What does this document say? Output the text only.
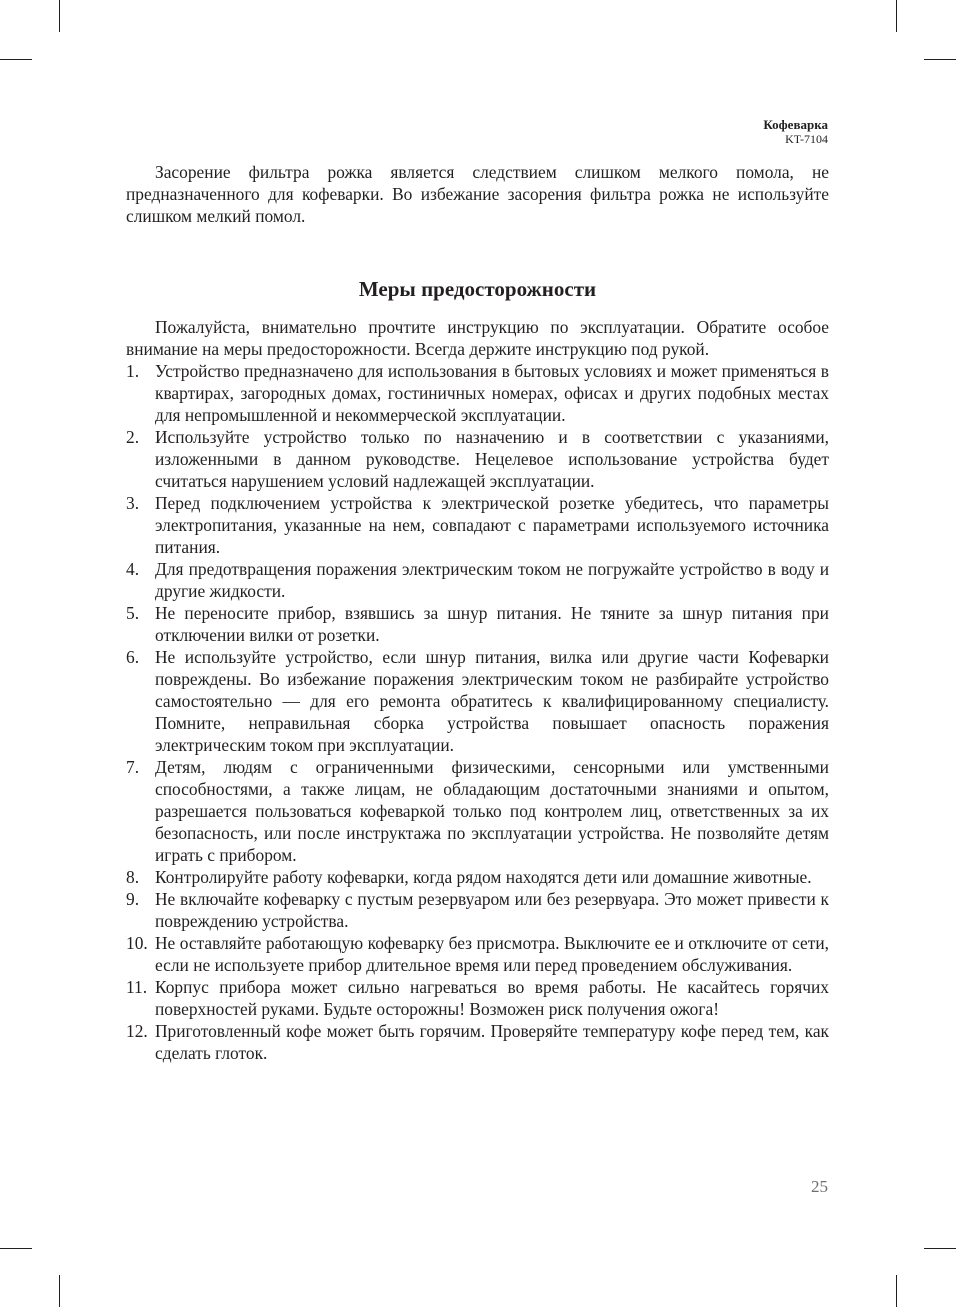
Кофеварка
KT-7104

Засорение фильтра рожка является следствием слишком мелкого помола, не предназначенного для кофеварки. Во избежание засорения фильтра рожка не используйте слишком мелкий помол.

Меры предосторожности

Пожалуйста, внимательно прочтите инструкцию по эксплуатации. Обратите особое внимание на меры предосторожности. Всегда держите инструкцию под рукой.

1. Устройство предназначено для использования в бытовых условиях и может применяться в квартирах, загородных домах, гостиничных номерах, офисах и других подобных местах для непромышленной и некоммерческой эксплуатации.
2. Используйте устройство только по назначению и в соответствии с указаниями, изложенными в данном руководстве. Нецелевое использование устройства будет считаться нарушением условий надлежащей эксплуатации.
3. Перед подключением устройства к электрической розетке убедитесь, что параметры электропитания, указанные на нем, совпадают с параметрами используемого источника питания.
4. Для предотвращения поражения электрическим током не погружайте устройство в воду и другие жидкости.
5. Не переносите прибор, взявшись за шнур питания. Не тяните за шнур питания при отключении вилки от розетки.
6. Не используйте устройство, если шнур питания, вилка или другие части Кофеварки повреждены. Во избежание поражения электрическим током не разбирайте устройство самостоятельно — для его ремонта обратитесь к квалифицированному специалисту. Помните, неправильная сборка устройства повышает опасность поражения электрическим током при эксплуатации.
7. Детям, людям с ограниченными физическими, сенсорными или умственными способностями, а также лицам, не обладающим достаточными знаниями и опытом, разрешается пользоваться кофеваркой только под контролем лиц, ответственных за их безопасность, или после инструктажа по эксплуатации устройства. Не позволяйте детям играть с прибором.
8. Контролируйте работу кофеварки, когда рядом находятся дети или домашние животные.
9. Не включайте кофеварку с пустым резервуаром или без резервуара. Это может привести к повреждению устройства.
10. Не оставляйте работающую кофеварку без присмотра. Выключите ее и отключите от сети, если не используете прибор длительное время или перед проведением обслуживания.
11. Корпус прибора может сильно нагреваться во время работы. Не касайтесь горячих поверхностей руками. Будьте осторожны! Возможен риск получения ожога!
12. Приготовленный кофе может быть горячим. Проверяйте температуру кофе перед тем, как сделать глоток.
25
